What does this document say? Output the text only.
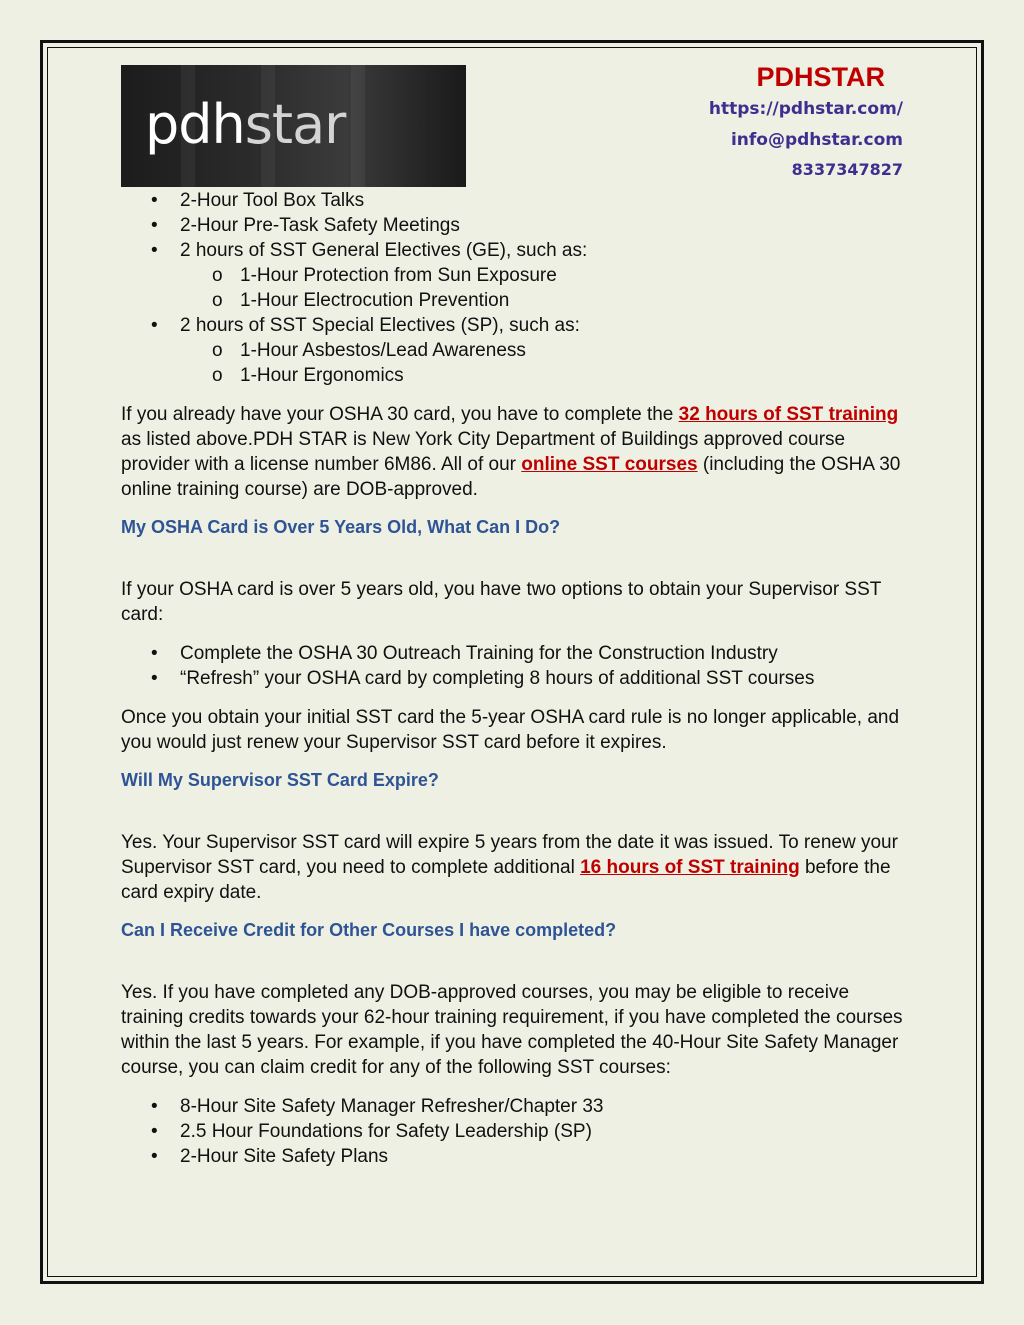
pdhstar
PDHSTAR
https://pdhstar.com/
info@pdhstar.com
8337347827
• 2-Hour Tool Box Talks
• 2-Hour Pre-Task Safety Meetings
• 2 hours of SST General Electives (GE), such as:
o 1-Hour Protection from Sun Exposure
o 1-Hour Electrocution Prevention
• 2 hours of SST Special Electives (SP), such as:
o 1-Hour Asbestos/Lead Awareness
o 1-Hour Ergonomics

If you already have your OSHA 30 card, you have to complete the 32 hours of SST training as listed above.PDH STAR is New York City Department of Buildings approved course provider with a license number 6M86. All of our online SST courses (including the OSHA 30 online training course) are DOB-approved.

My OSHA Card is Over 5 Years Old, What Can I Do?

If your OSHA card is over 5 years old, you have two options to obtain your Supervisor SST card:

• Complete the OSHA 30 Outreach Training for the Construction Industry
• “Refresh” your OSHA card by completing 8 hours of additional SST courses

Once you obtain your initial SST card the 5-year OSHA card rule is no longer applicable, and you would just renew your Supervisor SST card before it expires.

Will My Supervisor SST Card Expire?

Yes. Your Supervisor SST card will expire 5 years from the date it was issued. To renew your Supervisor SST card, you need to complete additional 16 hours of SST training before the card expiry date.

Can I Receive Credit for Other Courses I have completed?

Yes. If you have completed any DOB-approved courses, you may be eligible to receive training credits towards your 62-hour training requirement, if you have completed the courses within the last 5 years. For example, if you have completed the 40-Hour Site Safety Manager course, you can claim credit for any of the following SST courses:

• 8-Hour Site Safety Manager Refresher/Chapter 33
• 2.5 Hour Foundations for Safety Leadership (SP)
• 2-Hour Site Safety Plans
